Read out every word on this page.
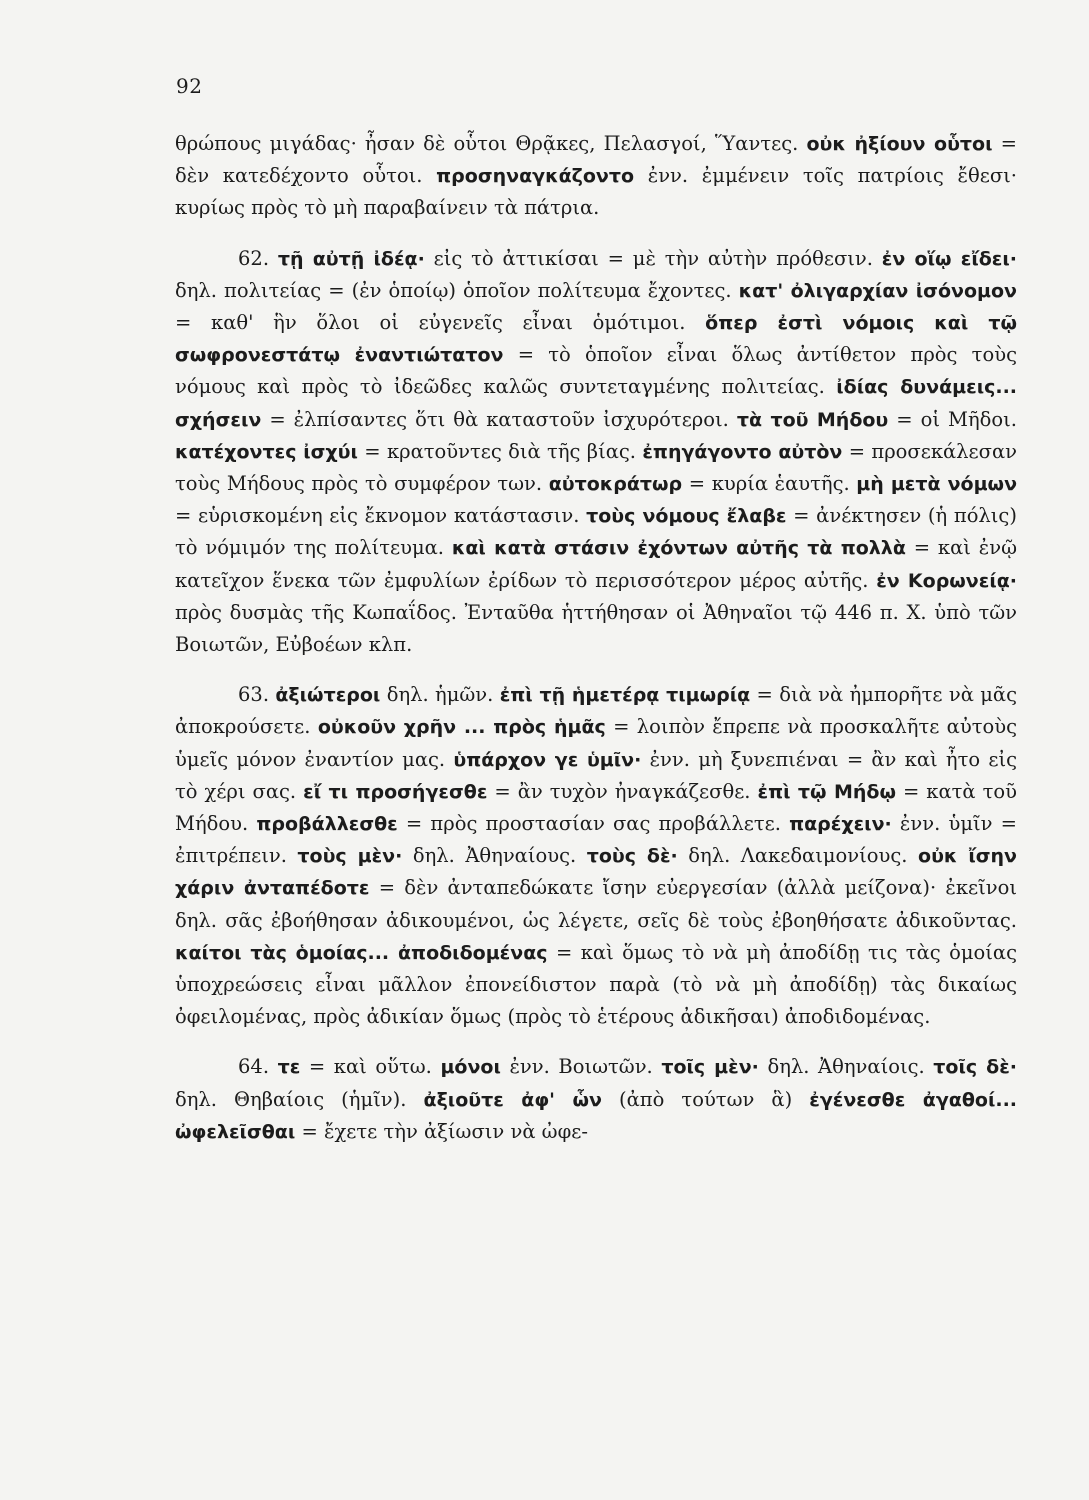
92

θρώπους μιγάδας· ἦσαν δὲ οὗτοι Θρᾷκες, Πελασγοί, Ὕαντες. οὐκ ἠξίουν οὗτοι = δὲν κατεδέχοντο οὗτοι. προσηναγκάζοντο ἐνν. ἐμμένειν τοῖς πατρίοις ἔθεσι· κυρίως πρὸς τὸ μὴ παραβαίνειν τὰ πάτρια.

62. τῇ αὐτῇ ἰδέᾳ· εἰς τὸ ἀττικίσαι = μὲ τὴν αὐτὴν πρόθεσιν. ἐν οἵῳ εἴδει· δηλ. πολιτείας = (ἐν ὁποίῳ) ὁποῖον πολίτευμα ἔχοντες. κατ' ὀλιγαρχίαν ἰσόνομον = καθ' ἣν ὅλοι οἱ εὐγενεῖς εἶναι ὁμότιμοι. ὅπερ ἐστὶ νόμοις καὶ τῷ σωφρονεστάτῳ ἐναντιώτατον = τὸ ὁποῖον εἶναι ὅλως ἀντίθετον πρὸς τοὺς νόμους καὶ πρὸς τὸ ἰδεῶδες καλῶς συντεταγμένης πολιτείας. ἰδίας δυνάμεις... σχήσειν = ἐλπίσαντες ὅτι θὰ καταστοῦν ἰσχυρότεροι. τὰ τοῦ Μήδου = οἱ Μῆδοι. κατέχοντες ἰσχύι = κρατοῦντες διὰ τῆς βίας. ἐπηγάγοντο αὐτὸν = προσεκάλεσαν τοὺς Μήδους πρὸς τὸ συμφέρον των. αὐτοκράτωρ = κυρία ἑαυτῆς. μὴ μετὰ νόμων = εὑρισκομένη εἰς ἔκνομον κατάστασιν. τοὺς νόμους ἔλαβε = ἀνέκτησεν (ἡ πόλις) τὸ νόμιμόν της πολίτευμα. καὶ κατὰ στάσιν ἐχόντων αὐτῆς τὰ πολλὰ = καὶ ἐνῷ κατεῖχον ἕνεκα τῶν ἐμφυλίων ἐρίδων τὸ περισσότερον μέρος αὐτῆς. ἐν Κορωνείᾳ· πρὸς δυσμὰς τῆς Κωπαΐδος. Ἐνταῦθα ἡττήθησαν οἱ Ἀθηναῖοι τῷ 446 π. Χ. ὑπὸ τῶν Βοιωτῶν, Εὐβοέων κλπ.

63. ἀξιώτεροι δηλ. ἡμῶν. ἐπὶ τῇ ἡμετέρᾳ τιμωρίᾳ = διὰ νὰ ἠμπορῆτε νὰ μᾶς ἀποκρούσετε. οὐκοῦν χρῆν ... πρὸς ἡμᾶς = λοιπὸν ἔπρεπε νὰ προσκαλῆτε αὐτοὺς ὑμεῖς μόνον ἐναντίον μας. ὑπάρχον γε ὑμῖν· ἐνν. μὴ ξυνεπιέναι = ἂν καὶ ἦτο εἰς τὸ χέρι σας. εἴ τι προσήγεσθε = ἂν τυχὸν ἠναγκάζεσθε. ἐπὶ τῷ Μήδῳ = κατὰ τοῦ Μήδου. προβάλλεσθε = πρὸς προστασίαν σας προβάλλετε. παρέχειν· ἐνν. ὑμῖν = ἐπιτρέπειν. τοὺς μὲν· δηλ. Ἀθηναίους. τοὺς δὲ· δηλ. Λακεδαιμονίους. οὐκ ἴσην χάριν ἀνταπέδοτε = δὲν ἀνταπεδώκατε ἴσην εὐεργεσίαν (ἀλλὰ μείζονα)· ἐκεῖνοι δηλ. σᾶς ἐβοήθησαν ἀδικουμένοι, ὡς λέγετε, σεῖς δὲ τοὺς ἐβοηθήσατε ἀδικοῦντας. καίτοι τὰς ὁμοίας... ἀποδιδομένας = καὶ ὅμως τὸ νὰ μὴ ἀποδίδῃ τις τὰς ὁμοίας ὑποχρεώσεις εἶναι μᾶλλον ἐπονείδιστον παρὰ (τὸ νὰ μὴ ἀποδίδῃ) τὰς δικαίως ὀφειλομένας, πρὸς ἀδικίαν ὅμως (πρὸς τὸ ἑτέρους ἀδικῆσαι) ἀποδιδομένας.

64. τε = καὶ οὕτω. μόνοι ἐνν. Βοιωτῶν. τοῖς μὲν· δηλ. Ἀθηναίοις. τοῖς δὲ· δηλ. Θηβαίοις (ἡμῖν). ἀξιοῦτε ἀφ' ὧν (ἀπὸ τούτων ἃ) ἐγένεσθε ἀγαθοί... ὠφελεῖσθαι = ἔχετε τὴν ἀξίωσιν νὰ ὠφε-
